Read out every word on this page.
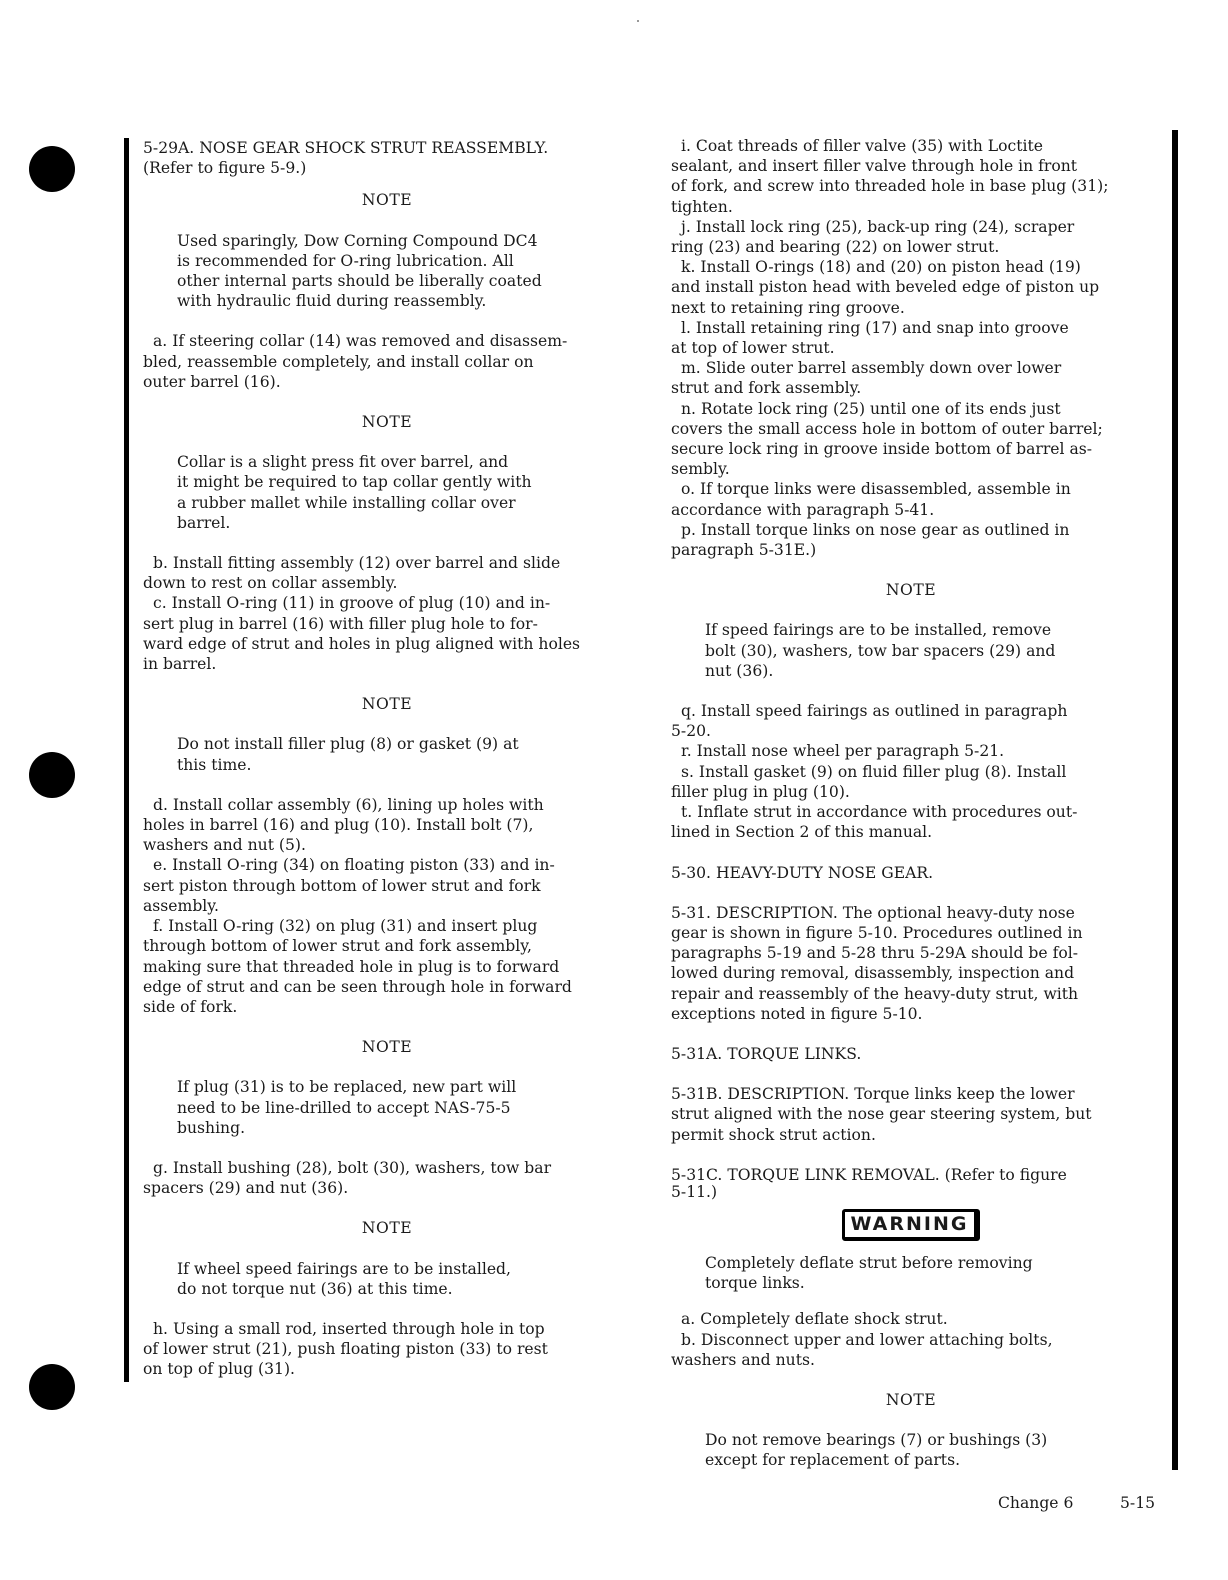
5-29A. NOSE GEAR SHOCK STRUT REASSEMBLY.

(Refer to figure 5-9.)

NOTE

Used sparingly, Dow Corning Compound DC4
is recommended for O-ring lubrication. All
other internal parts should be liberally coated
with hydraulic fluid during reassembly.
a. If steering collar (14) was removed and disassem-
bled, reassemble completely, and install collar on
outer barrel (16).

NOTE

Collar is a slight press fit over barrel, and
it might be required to tap collar gently with
a rubber mallet while installing collar over
barrel.
b. Install fitting assembly (12) over barrel and slide
down to rest on collar assembly.
c. Install O-ring (11) in groove of plug (10) and in-
sert plug in barrel (16) with filler plug hole to for-
ward edge of strut and holes in plug aligned with holes
in barrel.

NOTE

Do not install filler plug (8) or gasket (9) at
this time.
d. Install collar assembly (6), lining up holes with
holes in barrel (16) and plug (10). Install bolt (7),
washers and nut (5).
e. Install O-ring (34) on floating piston (33) and in-
sert piston through bottom of lower strut and fork
assembly.
f. Install O-ring (32) on plug (31) and insert plug
through bottom of lower strut and fork assembly,
making sure that threaded hole in plug is to forward
edge of strut and can be seen through hole in forward
side of fork.

NOTE

If plug (31) is to be replaced, new part will
need to be line-drilled to accept NAS-75-5
bushing.
g. Install bushing (28), bolt (30), washers, tow bar
spacers (29) and nut (36).

NOTE

If wheel speed fairings are to be installed,
do not torque nut (36) at this time.
h. Using a small rod, inserted through hole in top
of lower strut (21), push floating piston (33) to rest
on top of plug (31).
i. Coat threads of filler valve (35) with Loctite
sealant, and insert filler valve through hole in front
of fork, and screw into threaded hole in base plug (31);
tighten.
j. Install lock ring (25), back-up ring (24), scraper
ring (23) and bearing (22) on lower strut.
k. Install O-rings (18) and (20) on piston head (19)
and install piston head with beveled edge of piston up
next to retaining ring groove.
l. Install retaining ring (17) and snap into groove
at top of lower strut.
m. Slide outer barrel assembly down over lower
strut and fork assembly.
n. Rotate lock ring (25) until one of its ends just
covers the small access hole in bottom of outer barrel;
secure lock ring in groove inside bottom of barrel as-
sembly.
o. If torque links were disassembled, assemble in
accordance with paragraph 5-41.
p. Install torque links on nose gear as outlined in
paragraph 5-31E.)

NOTE

If speed fairings are to be installed, remove
bolt (30), washers, tow bar spacers (29) and
nut (36).
q. Install speed fairings as outlined in paragraph
5-20.
r. Install nose wheel per paragraph 5-21.
s. Install gasket (9) on fluid filler plug (8). Install
filler plug in plug (10).
t. Inflate strut in accordance with procedures out-
lined in Section 2 of this manual.
5-30. HEAVY-DUTY NOSE GEAR.
5-31. DESCRIPTION. The optional heavy-duty nose
gear is shown in figure 5-10. Procedures outlined in
paragraphs 5-19 and 5-28 thru 5-29A should be fol-
lowed during removal, disassembly, inspection and
repair and reassembly of the heavy-duty strut, with
exceptions noted in figure 5-10.
5-31A. TORQUE LINKS.
5-31B. DESCRIPTION. Torque links keep the lower
strut aligned with the nose gear steering system, but
permit shock strut action.
5-31C. TORQUE LINK REMOVAL. (Refer to figure
5-11.)

WARNING

Completely deflate strut before removing
torque links.
a. Completely deflate shock strut.
b. Disconnect upper and lower attaching bolts,
washers and nuts.

NOTE

Do not remove bearings (7) or bushings (3)
except for replacement of parts.
Change 6	5-15
